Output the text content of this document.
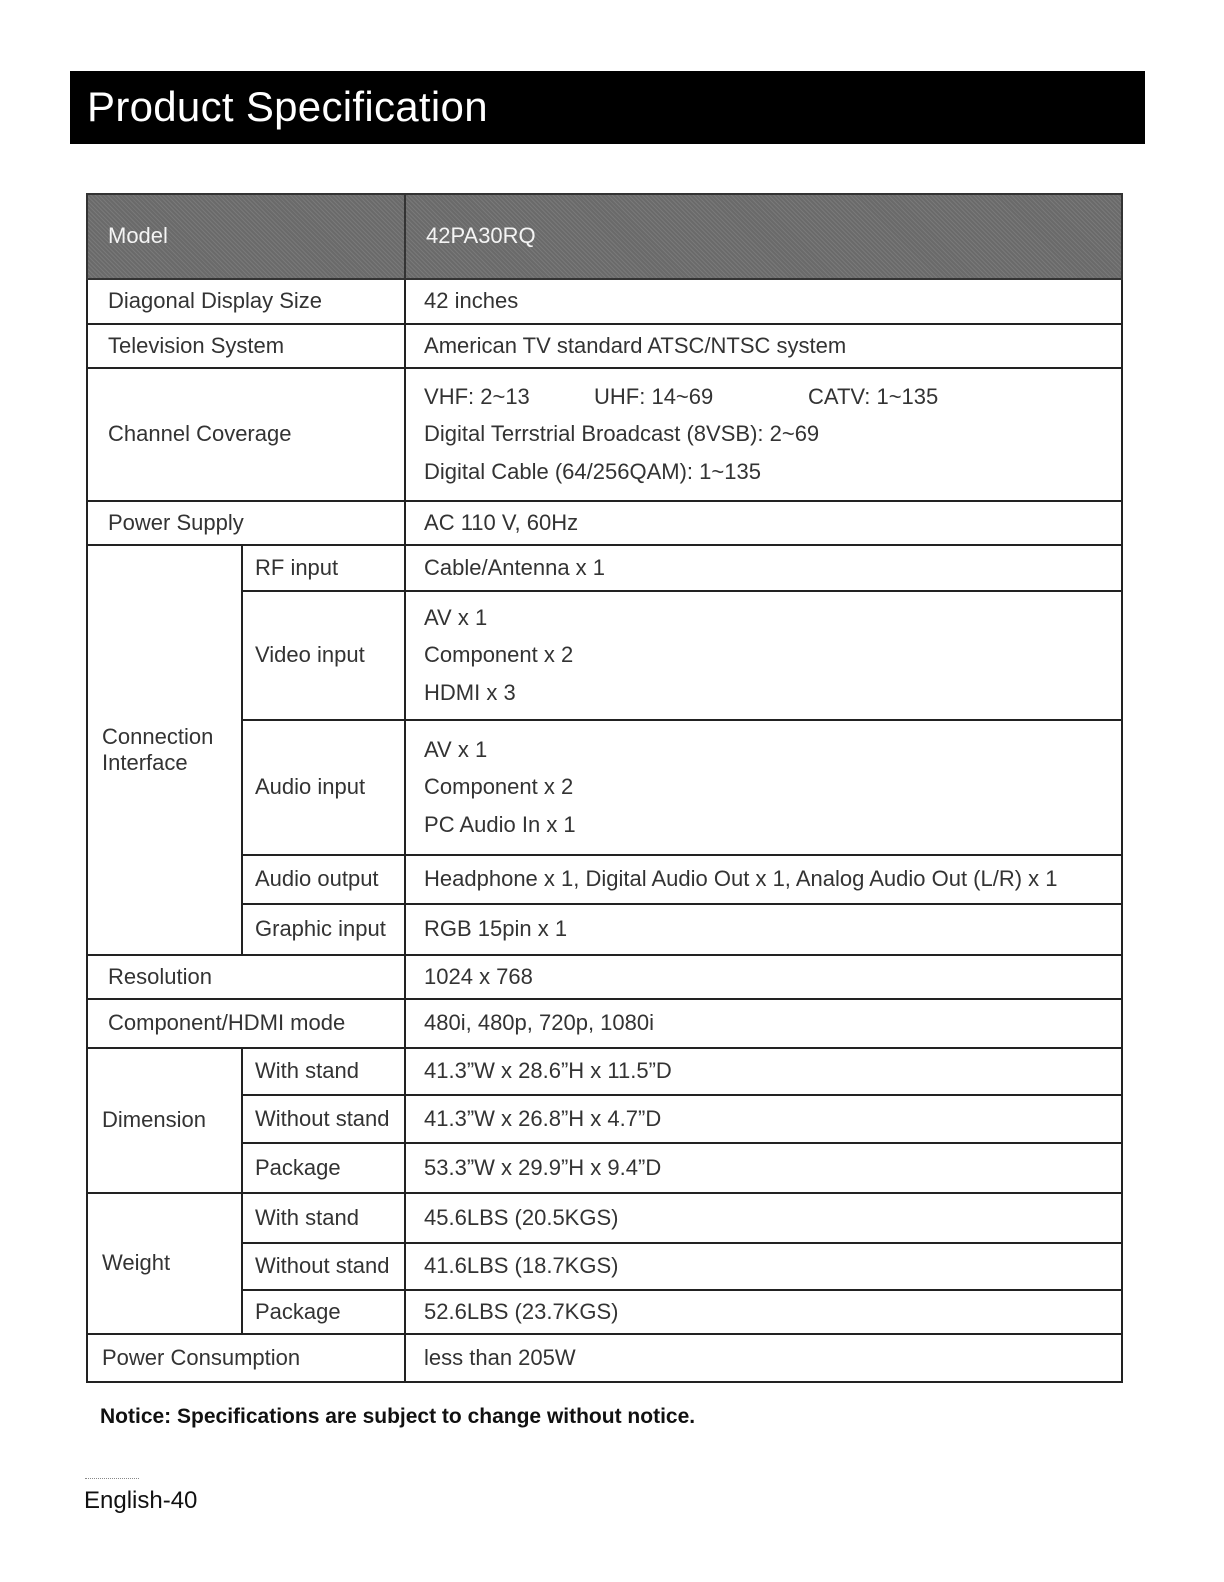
Product Specification
Model		42PA30RQ
Diagonal Display Size		42 inches
Television System		American TV standard ATSC/NTSC system
Channel Coverage		VHF: 2~13 UHF: 14~69 CATV: 1~135
Digital Terrstrial Broadcast (8VSB): 2~69
Digital Cable (64/256QAM): 1~135

Power Supply		AC 110 V, 60Hz

Connection
Interface	RF input	Cable/Antenna x 1
	Video input	AV x 1
Component x 2
HDMI x 3

	Audio input	AV x 1
Component x 2
PC Audio In x 1

	Audio output	Headphone x 1, Digital Audio Out x 1, Analog Audio Out (L/R) x 1
	Graphic input	RGB 15pin x 1
Resolution		1024 x 768
Component/HDMI mode		480i, 480p, 720p, 1080i
Dimension	With stand	41.3”W x 28.6”H x 11.5”D
	Without stand	41.3”W x 26.8”H x 4.7”D
	Package	53.3”W x 29.9”H x 9.4”D
Weight	With stand	45.6LBS (20.5KGS)
	Without stand	41.6LBS (18.7KGS)
	Package	52.6LBS (23.7KGS)
Power Consumption		less than 205W
Notice: Specifications are subject to change without notice.
English-40
